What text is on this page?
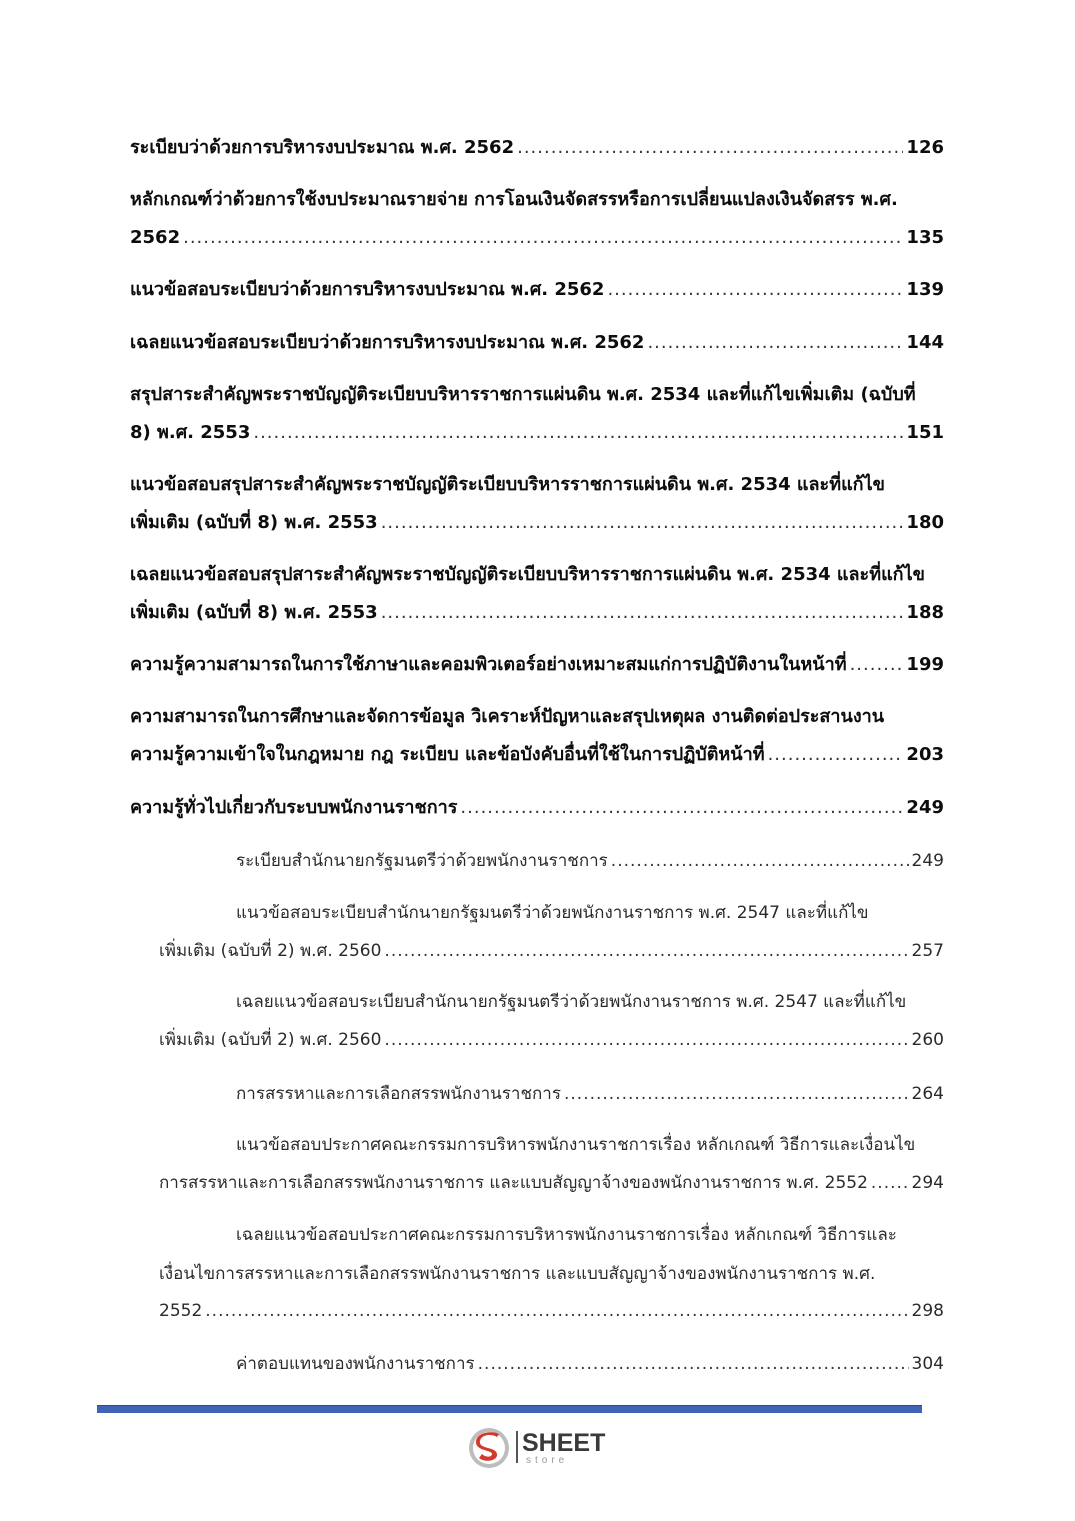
ระเบียบว่าด้วยการบริหารงบประมาณ พ.ศ. 2562 .....	126
หลักเกณฑ์ว่าด้วยการใช้งบประมาณรายจ่าย การโอนเงินจัดสรรหรือการเปลี่ยนแปลงเงินจัดสรร พ.ศ.
2562 .....	135
แนวข้อสอบระเบียบว่าด้วยการบริหารงบประมาณ พ.ศ. 2562 .....	139
เฉลยแนวข้อสอบระเบียบว่าด้วยการบริหารงบประมาณ พ.ศ. 2562 .....	144
สรุปสาระสำคัญพระราชบัญญัติระเบียบบริหารราชการแผ่นดิน พ.ศ. 2534 และที่แก้ไขเพิ่มเติม (ฉบับที่
8) พ.ศ. 2553 .....	151
แนวข้อสอบสรุปสาระสำคัญพระราชบัญญัติระเบียบบริหารราชการแผ่นดิน พ.ศ. 2534 และที่แก้ไข
เพิ่มเติม (ฉบับที่ 8) พ.ศ. 2553 .....	180
เฉลยแนวข้อสอบสรุปสาระสำคัญพระราชบัญญัติระเบียบบริหารราชการแผ่นดิน พ.ศ. 2534 และที่แก้ไข
เพิ่มเติม (ฉบับที่ 8) พ.ศ. 2553 .....	188
ความรู้ความสามารถในการใช้ภาษาและคอมพิวเตอร์อย่างเหมาะสมแก่การปฏิบัติงานในหน้าที่ .....	199
ความสามารถในการศึกษาและจัดการข้อมูล วิเคราะห์ปัญหาและสรุปเหตุผล งานติดต่อประสานงาน
ความรู้ความเข้าใจในกฎหมาย กฎ ระเบียบ และข้อบังคับอื่นที่ใช้ในการปฏิบัติหน้าที่ .....	203
ความรู้ทั่วไปเกี่ยวกับระบบพนักงานราชการ .....	249
ระเบียบสำนักนายกรัฐมนตรีว่าด้วยพนักงานราชการ .....	249
แนวข้อสอบระเบียบสำนักนายกรัฐมนตรีว่าด้วยพนักงานราชการ พ.ศ. 2547 และที่แก้ไข
เพิ่มเติม (ฉบับที่ 2) พ.ศ. 2560 .....	257
เฉลยแนวข้อสอบระเบียบสำนักนายกรัฐมนตรีว่าด้วยพนักงานราชการ พ.ศ. 2547 และที่แก้ไข
เพิ่มเติม (ฉบับที่ 2) พ.ศ. 2560 .....	260
การสรรหาและการเลือกสรรพนักงานราชการ .....	264
แนวข้อสอบประกาศคณะกรรมการบริหารพนักงานราชการเรื่อง หลักเกณฑ์ วิธีการและเงื่อนไข
การสรรหาและการเลือกสรรพนักงานราชการ และแบบสัญญาจ้างของพนักงานราชการ พ.ศ. 2552 .....	294
เฉลยแนวข้อสอบประกาศคณะกรรมการบริหารพนักงานราชการเรื่อง หลักเกณฑ์ วิธีการและ
เงื่อนไขการสรรหาและการเลือกสรรพนักงานราชการ และแบบสัญญาจ้างของพนักงานราชการ พ.ศ.
2552 .....	298
ค่าตอบแทนของพนักงานราชการ .....	304
SHEET
store
